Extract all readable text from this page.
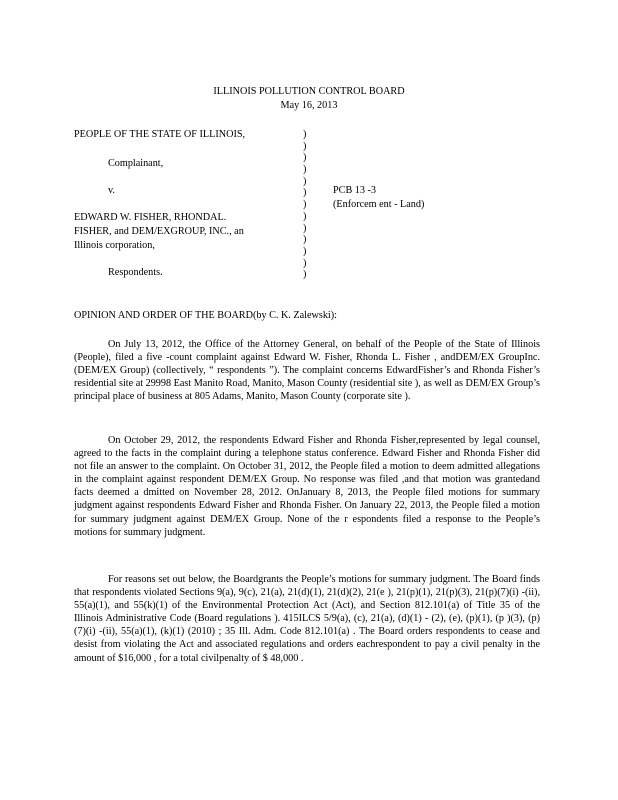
ILLINOIS POLLUTION CONTROL BOARD
May 16, 2013
PEOPLE OF THE STATE OF ILLINOIS,
Complainant,
v.
EDWARD W. FISHER, RHONDAL.
FISHER, and DEM/EXGROUP, INC., an
Illinois corporation,
Respondents.
)
)
)
)
)
)
)
)
)
)
)
)
)
PCB 13 -3
(Enforcem ent - Land)
OPINION AND ORDER OF THE BOARD(by C. K. Zalewski):

On July 13, 2012, the Office of the Attorney General, on behalf of the People of the State of Illinois (People), filed a five -count complaint against Edward W. Fisher, Rhonda L. Fisher , andDEM/EX GroupInc. (DEM/EX Group) (collectively, “ respondents ”). The complaint concerns EdwardFisher’s and Rhonda Fisher’s residential site at 29998 East Manito Road, Manito, Mason County (residential site ), as well as DEM/EX Group’s principal place of business at 805 Adams, Manito, Mason County (corporate site ).

On October 29, 2012, the respondents Edward Fisher and Rhonda Fisher,represented by legal counsel, agreed to the facts in the complaint during a telephone status conference. Edward Fisher and Rhonda Fisher did not file an answer to the complaint. On October 31, 2012, the People filed a motion to deem admitted allegations in the complaint against respondent DEM/EX Group. No response was filed ,and that motion was grantedand facts deemed a dmitted on November 28, 2012. OnJanuary 8, 2013, the People filed motions for summary judgment against respondents Edward Fisher and Rhonda Fisher. On January 22, 2013, the People filed a motion for summary judgment against DEM/EX Group. None of the r espondents filed a response to the People’s motions for summary judgment.

For reasons set out below, the Boardgrants the People’s motions for summary judgment. The Board finds that respondents violated Sections 9(a), 9(c), 21(a), 21(d)(1), 21(d)(2), 21(e ), 21(p)(1), 21(p)(3), 21(p)(7)(i) -(ii), 55(a)(1), and 55(k)(1) of the Environmental Protection Act (Act), and Section 812.101(a) of Title 35 of the Illinois Administrative Code (Board regulations ). 415ILCS 5/9(a), (c), 21(a), (d)(1) - (2), (e), (p)(1), (p )(3), (p)(7)(i) -(ii), 55(a)(1), (k)(1) (2010) ; 35 Ill. Adm. Code 812.101(a) . The Board orders respondents to cease and desist from violating the Act and associated regulations and orders eachrespondent to pay a civil penalty in the amount of $16,000 , for a total civilpenalty of $ 48,000 .
